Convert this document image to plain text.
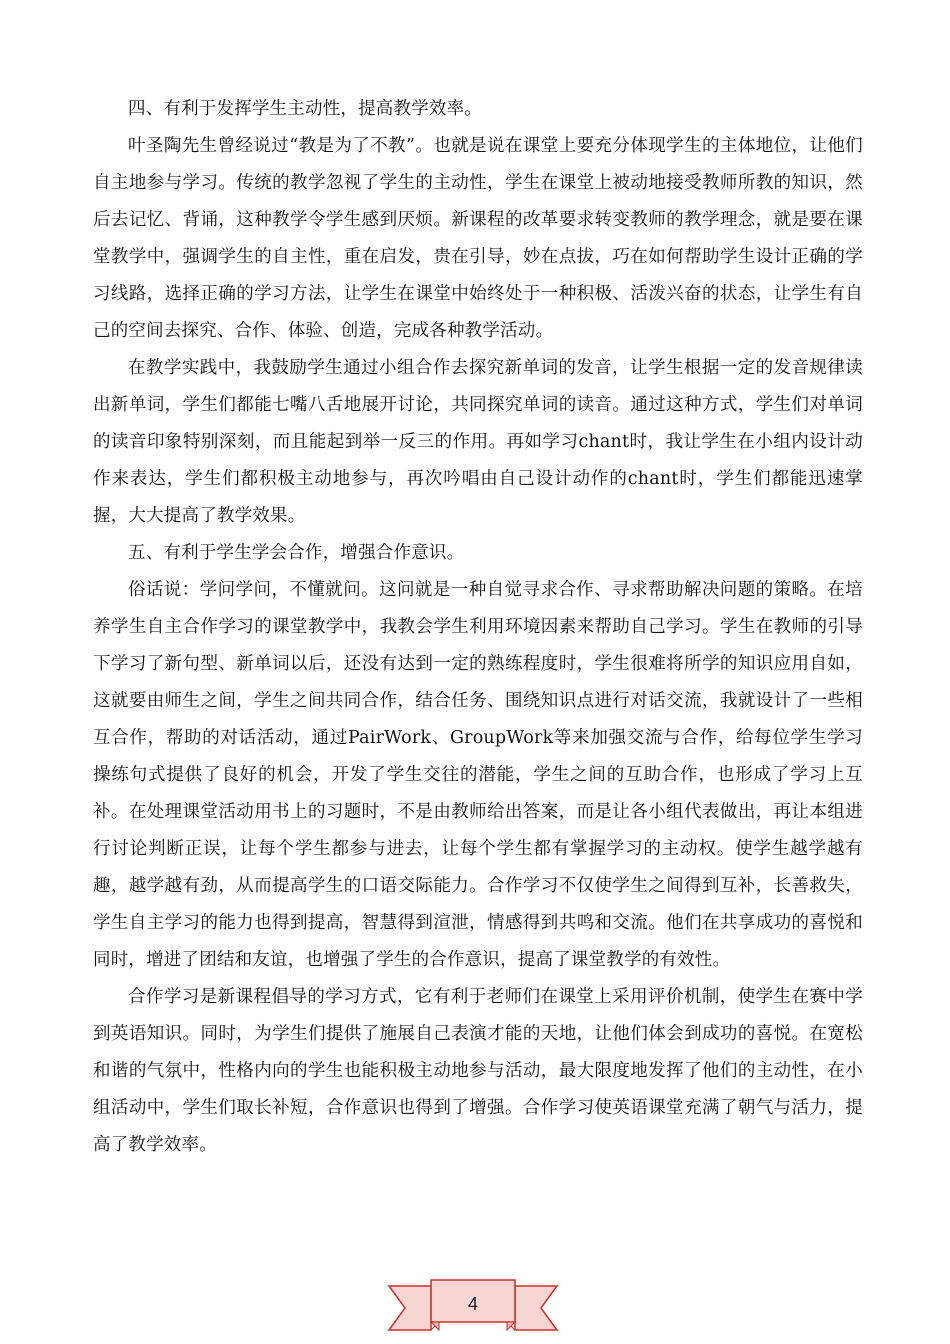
四、有利于发挥学生主动性，提高教学效率。

叶圣陶先生曾经说过“教是为了不教”。也就是说在课堂上要充分体现学生的主体地位，让他们自主地参与学习。传统的教学忽视了学生的主动性，学生在课堂上被动地接受教师所教的知识，然后去记忆、背诵，这种教学令学生感到厌烦。新课程的改革要求转变教师的教学理念，就是要在课堂教学中，强调学生的自主性，重在启发，贵在引导，妙在点拔，巧在如何帮助学生设计正确的学习线路，选择正确的学习方法，让学生在课堂中始终处于一种积极、活泼兴奋的状态，让学生有自己的空间去探究、合作、体验、创造，完成各种教学活动。

在教学实践中，我鼓励学生通过小组合作去探究新单词的发音，让学生根据一定的发音规律读出新单词，学生们都能七嘴八舌地展开讨论，共同探究单词的读音。通过这种方式，学生们对单词的读音印象特别深刻，而且能起到举一反三的作用。再如学习chant时，我让学生在小组内设计动作来表达，学生们都积极主动地参与，再次吟唱由自己设计动作的chant时，学生们都能迅速掌握，大大提高了教学效果。

五、有利于学生学会合作，增强合作意识。

俗话说：学问学问，不懂就问。这问就是一种自觉寻求合作、寻求帮助解决问题的策略。在培养学生自主合作学习的课堂教学中，我教会学生利用环境因素来帮助自己学习。学生在教师的引导下学习了新句型、新单词以后，还没有达到一定的熟练程度时，学生很难将所学的知识应用自如，这就要由师生之间，学生之间共同合作，结合任务、围绕知识点进行对话交流，我就设计了一些相互合作，帮助的对话活动，通过PairWork、GroupWork等来加强交流与合作，给每位学生学习操练句式提供了良好的机会，开发了学生交往的潜能，学生之间的互助合作，也形成了学习上互补。在处理课堂活动用书上的习题时，不是由教师给出答案，而是让各小组代表做出，再让本组进行讨论判断正误，让每个学生都参与进去，让每个学生都有掌握学习的主动权。使学生越学越有趣，越学越有劲，从而提高学生的口语交际能力。合作学习不仅使学生之间得到互补，长善救失，学生自主学习的能力也得到提高，智慧得到渲泄，情感得到共鸣和交流。他们在共享成功的喜悦和同时，增进了团结和友谊，也增强了学生的合作意识，提高了课堂教学的有效性。

合作学习是新课程倡导的学习方式，它有利于老师们在课堂上采用评价机制，使学生在赛中学到英语知识。同时，为学生们提供了施展自己表演才能的天地，让他们体会到成功的喜悦。在宽松和谐的气氛中，性格内向的学生也能积极主动地参与活动，最大限度地发挥了他们的主动性，在小组活动中，学生们取长补短，合作意识也得到了增强。合作学习使英语课堂充满了朝气与活力，提高了教学效率。

4
